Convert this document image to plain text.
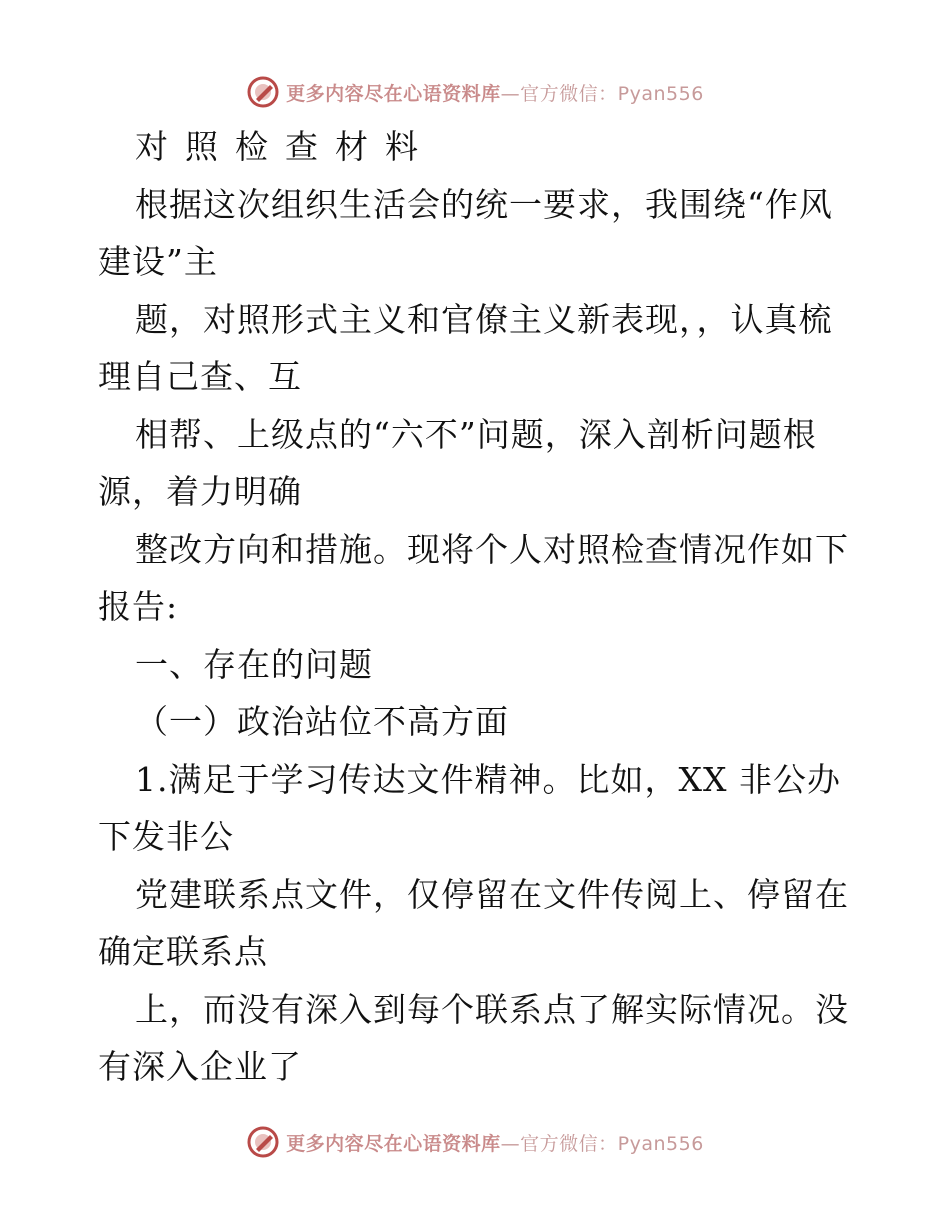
更多内容尽在心语资料库—官方微信：Pyan556
对照检查材料
根据这次组织生活会的统一要求，我围绕“作风
建设”主
题，对照形式主义和官僚主义新表现，，认真梳
理自己查、互
相帮、上级点的“六不”问题，深入剖析问题根
源，着力明确
整改方向和措施。现将个人对照检查情况作如下
报告:
一、存在的问题
（一）政治站位不高方面
1.满足于学习传达文件精神。比如，XX 非公办
下发非公
党建联系点文件，仅停留在文件传阅上、停留在
确定联系点
上，而没有深入到每个联系点了解实际情况。没
有深入企业了
更多内容尽在心语资料库—官方微信：Pyan556
